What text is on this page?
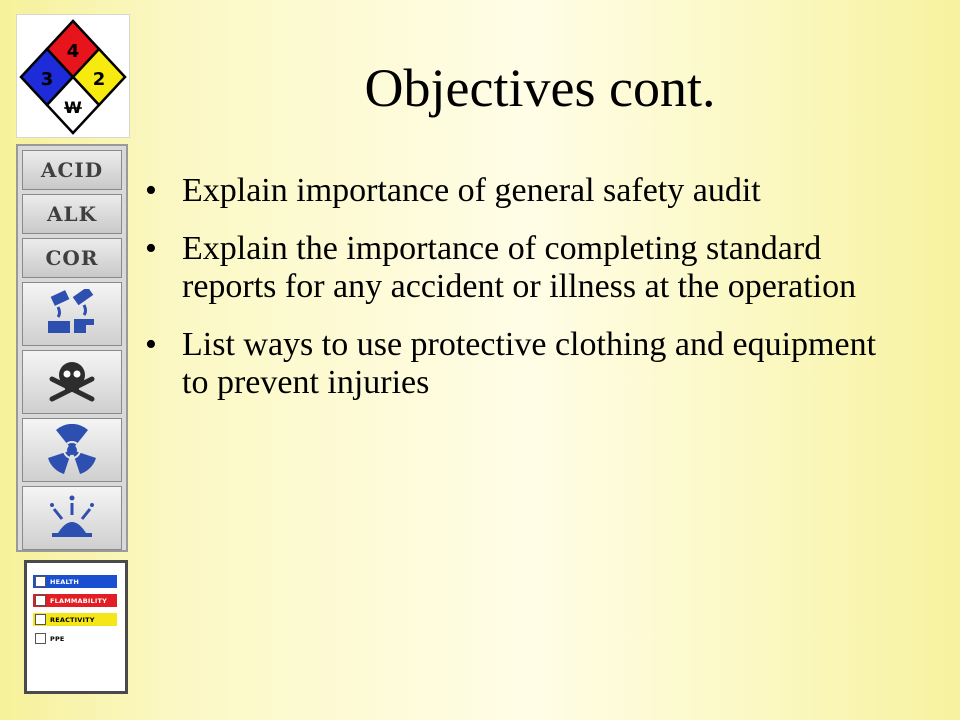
4
3 2
W
ACID
ALK
COR
HEALTH
FLAMMABILITY
REACTIVITY
PPE
Objectives cont.
• Explain importance of general safety audit
• Explain the importance of completing standard reports for any accident or illness at the operation
• List ways to use protective clothing and equipment to prevent injuries
